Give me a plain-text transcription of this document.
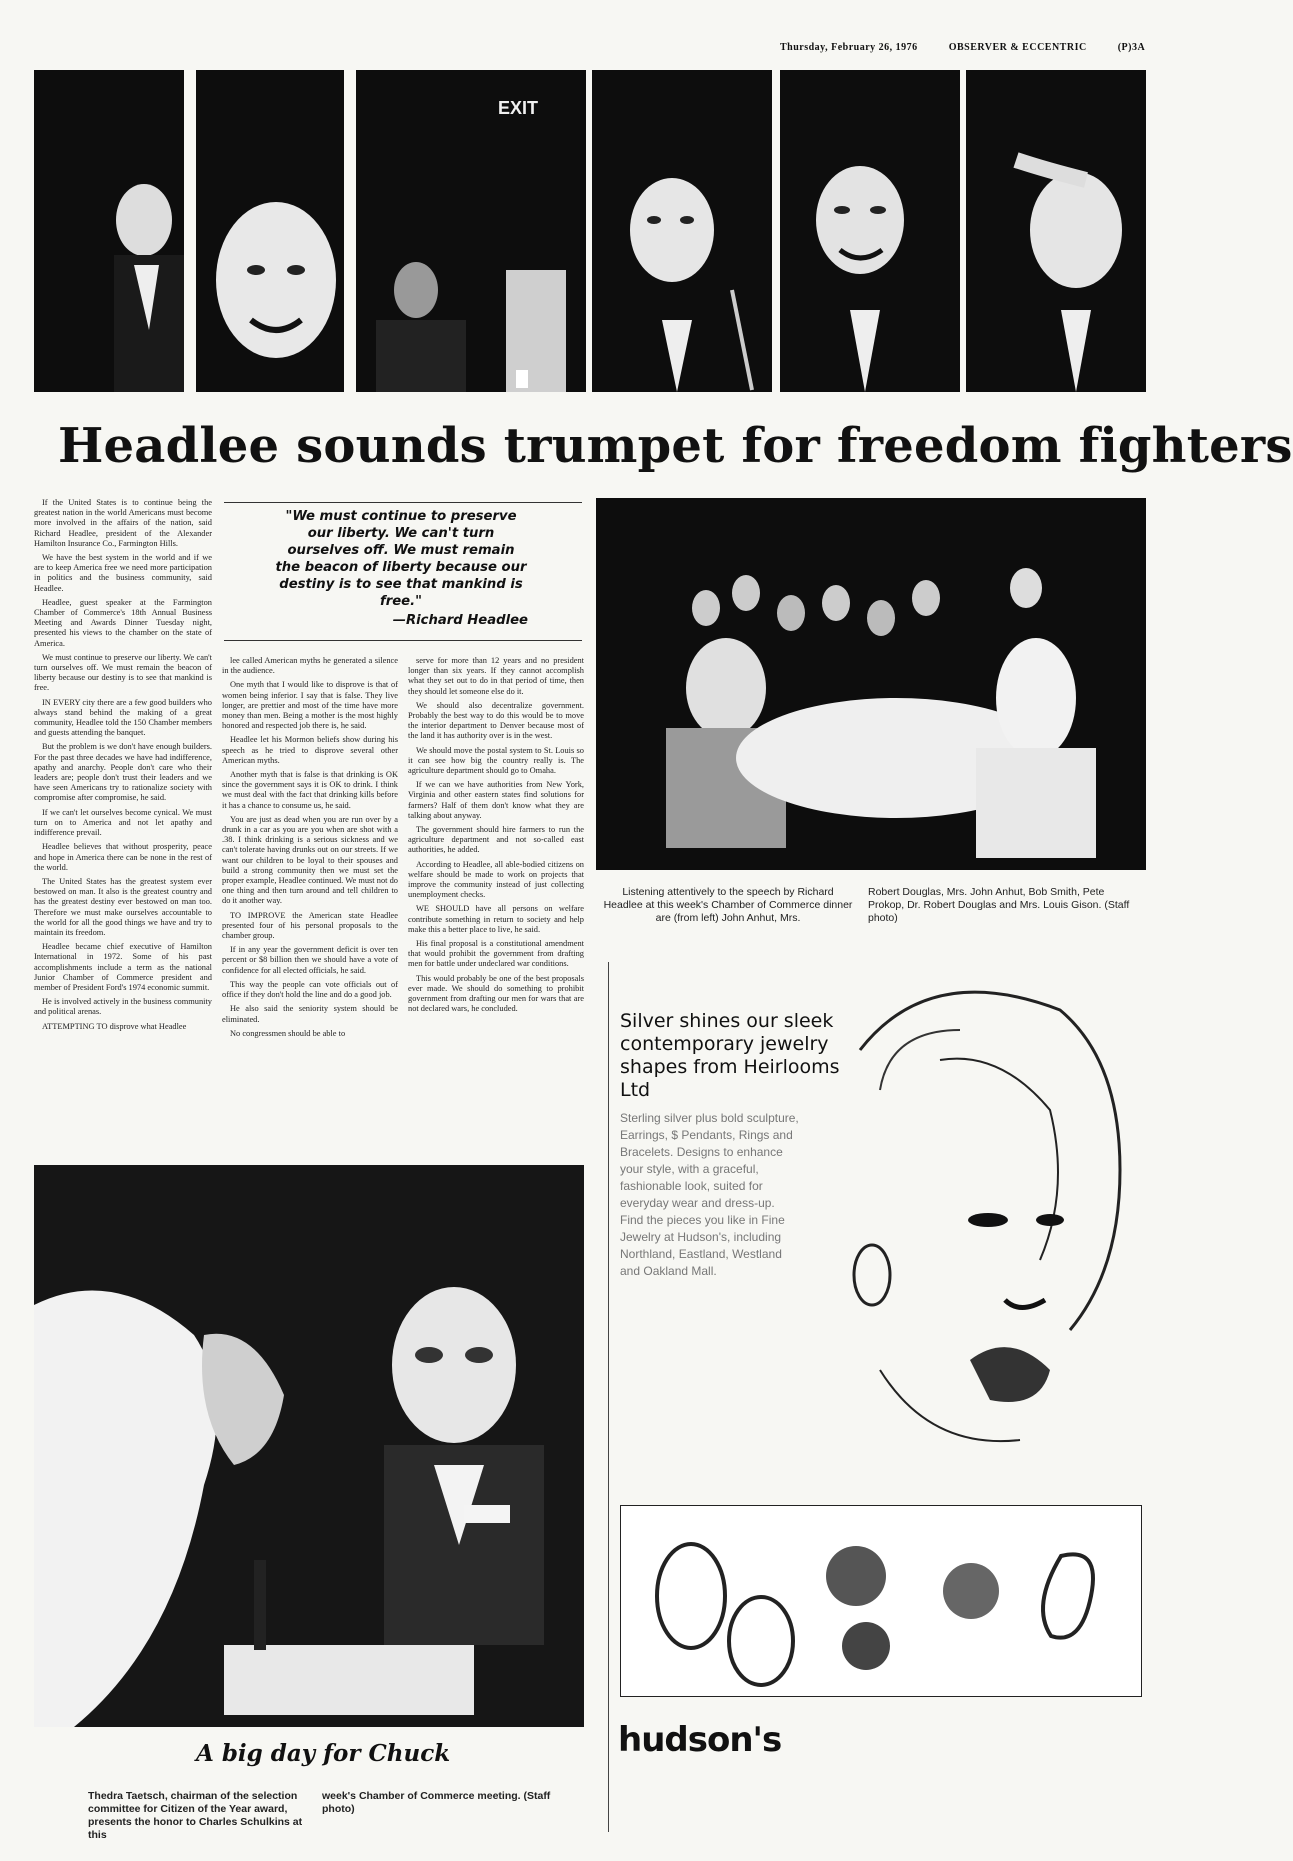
Thursday, February 26, 1976	OBSERVER & ECCENTRIC	(P)3A
EXIT
Headlee sounds trumpet for freedom fighters

If the United States is to continue being the greatest nation in the world Americans must become more involved in the affairs of the nation, said Richard Headlee, president of the Alexander Hamilton Insurance Co., Farmington Hills.

We have the best system in the world and if we are to keep America free we need more participation in politics and the business community, said Headlee.

Headlee, guest speaker at the Farmington Chamber of Commerce's 18th Annual Business Meeting and Awards Dinner Tuesday night, presented his views to the chamber on the state of America.

We must continue to preserve our liberty. We can't turn ourselves off. We must remain the beacon of liberty because our destiny is to see that mankind is free.

IN EVERY city there are a few good builders who always stand behind the making of a great community, Headlee told the 150 Chamber members and guests attending the banquet.

But the problem is we don't have enough builders. For the past three decades we have had indifference, apathy and anarchy. People don't care who their leaders are; people don't trust their leaders and we have seen Americans try to rationalize society with compromise after compromise, he said.

If we can't let ourselves become cynical. We must turn on to America and not let apathy and indifference prevail.

Headlee believes that without prosperity, peace and hope in America there can be none in the rest of the world.

The United States has the greatest system ever bestowed on man. It also is the greatest country and has the greatest destiny ever bestowed on man too. Therefore we must make ourselves accountable to the world for all the good things we have and try to maintain its freedom.

Headlee became chief executive of Hamilton International in 1972. Some of his past accomplishments include a term as the national Junior Chamber of Commerce president and member of President Ford's 1974 economic summit.

He is involved actively in the business community and political arenas.

ATTEMPTING TO disprove what Headlee

"We must continue to preserve our liberty. We can't turn ourselves off. We must remain the beacon of liberty because our destiny is to see that mankind is free."
—Richard Headlee

lee called American myths he generated a silence in the audience.

One myth that I would like to disprove is that of women being inferior. I say that is false. They live longer, are prettier and most of the time have more money than men. Being a mother is the most highly honored and respected job there is, he said.

Headlee let his Mormon beliefs show during his speech as he tried to disprove several other American myths.

Another myth that is false is that drinking is OK since the government says it is OK to drink. I think we must deal with the fact that drinking kills before it has a chance to consume us, he said.

You are just as dead when you are run over by a drunk in a car as you are you when are shot with a .38. I think drinking is a serious sickness and we can't tolerate having drunks out on our streets. If we want our children to be loyal to their spouses and build a strong community then we must set the proper example, Headlee continued. We must not do one thing and then turn around and tell children to do it another way.

TO IMPROVE the American state Headlee presented four of his personal proposals to the chamber group.

If in any year the government deficit is over ten percent or $8 billion then we should have a vote of confidence for all elected officials, he said.

This way the people can vote officials out of office if they don't hold the line and do a good job.

He also said the seniority system should be eliminated.

No congressmen should be able to

serve for more than 12 years and no president longer than six years. If they cannot accomplish what they set out to do in that period of time, then they should let someone else do it.

We should also decentralize government. Probably the best way to do this would be to move the interior department to Denver because most of the land it has authority over is in the west.

We should move the postal system to St. Louis so it can see how big the country really is. The agriculture department should go to Omaha.

If we can we have authorities from New York, Virginia and other eastern states find solutions for farmers? Half of them don't know what they are talking about anyway.

The government should hire farmers to run the agriculture department and not so-called east authorities, he added.

According to Headlee, all able-bodied citizens on welfare should be made to work on projects that improve the community instead of just collecting unemployment checks.

WE SHOULD have all persons on welfare contribute something in return to society and help make this a better place to live, he said.

His final proposal is a constitutional amendment that would prohibit the government from drafting men for battle under undeclared war conditions.

This would probably be one of the best proposals ever made. We should do something to prohibit government from drafting our men for wars that are not declared wars, he concluded.

Listening attentively to the speech by Richard Headlee at this week's Chamber of Commerce dinner are (from left) John Anhut, Mrs.
Robert Douglas, Mrs. John Anhut, Bob Smith, Pete Prokop, Dr. Robert Douglas and Mrs. Louis Gison. (Staff photo)
Silver shines our sleek contemporary jewelry shapes from Heirlooms Ltd
Sterling silver plus bold sculpture, Earrings, $ Pendants, Rings and Bracelets. Designs to enhance your style, with a graceful, fashionable look, suited for everyday wear and dress-up. Find the pieces you like in Fine Jewelry at Hudson's, including Northland, Eastland, Westland and Oakland Mall.
hudson's
A big day for Chuck
Thedra Taetsch, chairman of the selection committee for Citizen of the Year award, presents the honor to Charles Schulkins at this
week's Chamber of Commerce meeting. (Staff photo)
